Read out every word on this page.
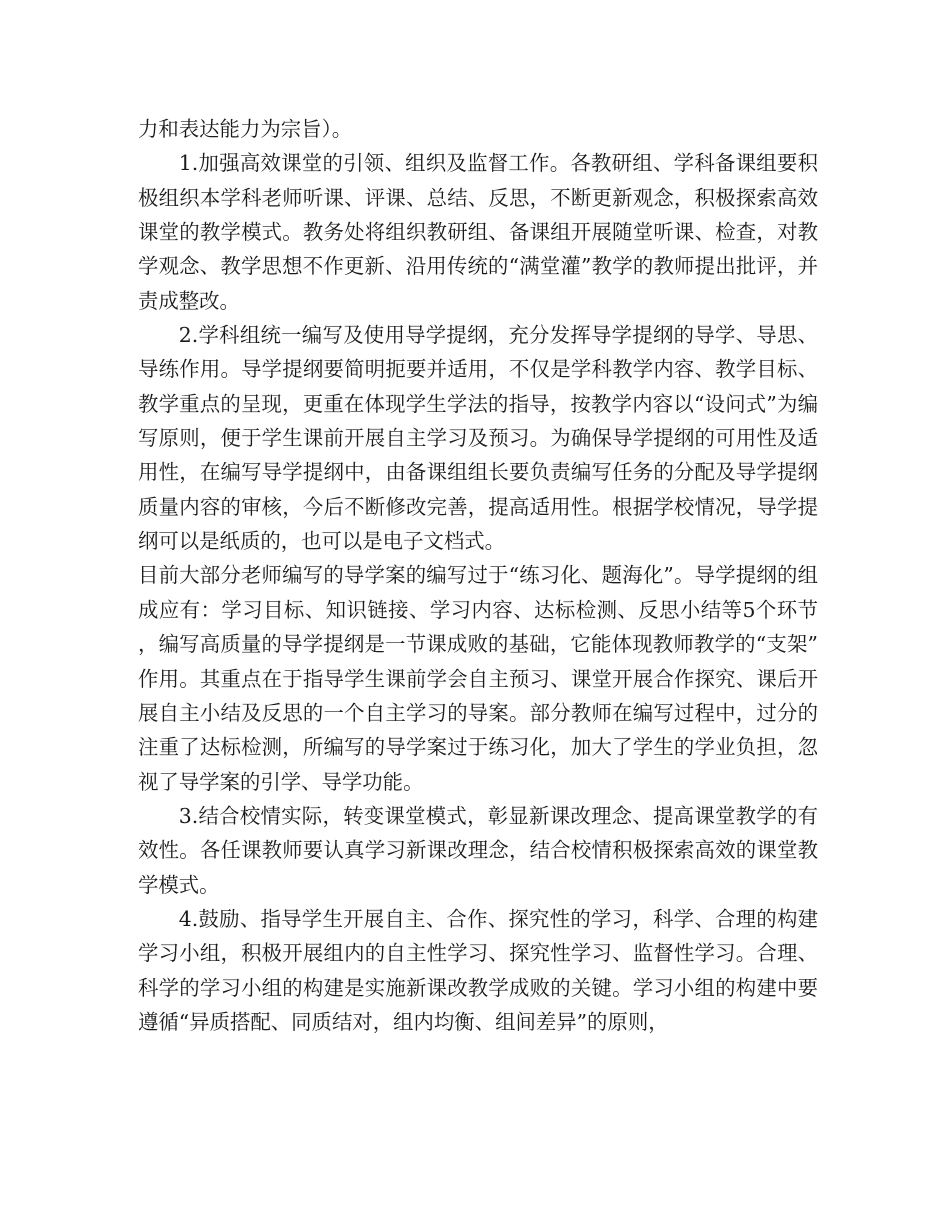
力和表达能力为宗旨）。

1.加强高效课堂的引领、组织及监督工作。各教研组、学科备课组要积极组织本学科老师听课、评课、总结、反思，不断更新观念，积极探索高效课堂的教学模式。教务处将组织教研组、备课组开展随堂听课、检查，对教学观念、教学思想不作更新、沿用传统的“满堂灌”教学的教师提出批评，并责成整改。

2.学科组统一编写及使用导学提纲，充分发挥导学提纲的导学、导思、导练作用。导学提纲要简明扼要并适用，不仅是学科教学内容、教学目标、教学重点的呈现，更重在体现学生学法的指导，按教学内容以“设问式”为编写原则，便于学生课前开展自主学习及预习。为确保导学提纲的可用性及适用性，在编写导学提纲中，由备课组组长要负责编写任务的分配及导学提纲质量内容的审核，今后不断修改完善，提高适用性。根据学校情况，导学提纲可以是纸质的，也可以是电子文档式。

目前大部分老师编写的导学案的编写过于“练习化、题海化”。导学提纲的组成应有：学习目标、知识链接、学习内容、达标检测、反思小结等5个环节，编写高质量的导学提纲是一节课成败的基础，它能体现教师教学的“支架”作用。其重点在于指导学生课前学会自主预习、课堂开展合作探究、课后开展自主小结及反思的一个自主学习的导案。部分教师在编写过程中，过分的注重了达标检测，所编写的导学案过于练习化，加大了学生的学业负担，忽视了导学案的引学、导学功能。

3.结合校情实际，转变课堂模式，彰显新课改理念、提高课堂教学的有效性。各任课教师要认真学习新课改理念，结合校情积极探索高效的课堂教学模式。

4.鼓励、指导学生开展自主、合作、探究性的学习，科学、合理的构建学习小组，积极开展组内的自主性学习、探究性学习、监督性学习。合理、科学的学习小组的构建是实施新课改教学成败的关键。学习小组的构建中要遵循“异质搭配、同质结对，组内均衡、组间差异”的原则，
